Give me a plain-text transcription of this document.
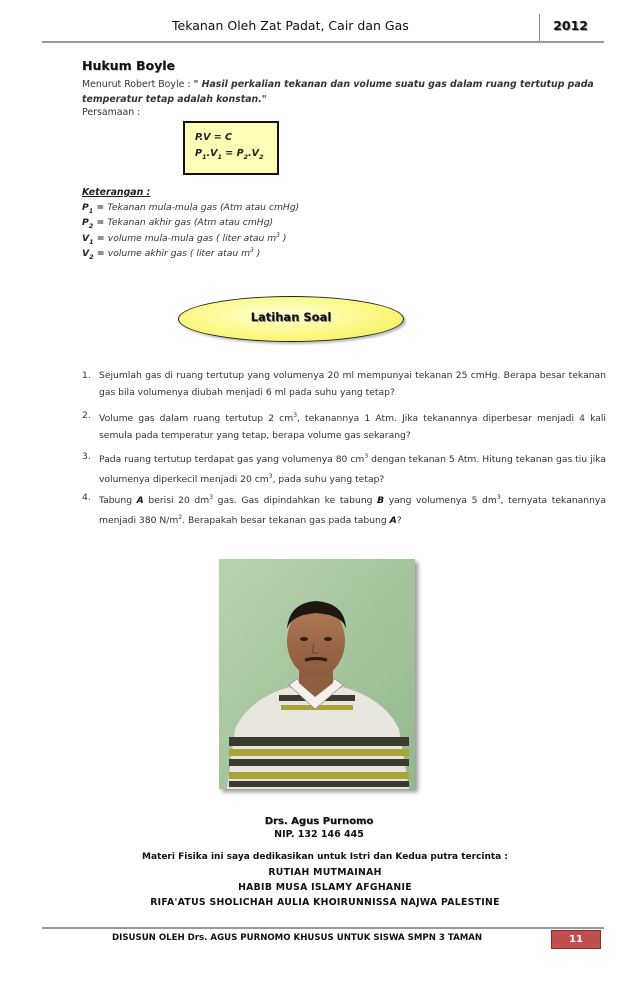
Tekanan Oleh Zat Padat, Cair dan Gas	2012
Hukum Boyle
Menurut Robert Boyle : " Hasil perkalian tekanan dan volume suatu gas dalam ruang tertutup pada
temperatur tetap adalah konstan."
Persamaan :
P.V = C
$P_1.V_1 = P_2.V_2$
Keterangan :
$P_1$ = Tekanan mula-mula gas (Atm atau cmHg)
$P_2$ = Tekanan akhir gas (Atm atau cmHg)
$V_1$ = volume mula-mula gas ( liter atau $m^3$ )
$V_2$ = volume akhir gas ( liter atau $m^3$ )
Latihan Soal
1. Sejumlah gas di ruang tertutup yang volumenya 20 ml mempunyai tekanan 25 cmHg. Berapa besar tekanan gas bila volumenya diubah menjadi 6 ml pada suhu yang tetap?
2. Volume gas dalam ruang tertutup 2 $cm^3$, tekanannya 1 Atm. Jika tekanannya diperbesar menjadi 4 kali semula pada temperatur yang tetap, berapa volume gas sekarang?
3. Pada ruang tertutup terdapat gas yang volumenya 80 $cm^3$ dengan tekanan 5 Atm. Hitung tekanan gas tiu jika volumenya diperkecil menjadi 20 $cm^3$, pada suhu yang tetap?
4. Tabung A berisi 20 $dm^3$ gas. Gas dipindahkan ke tabung B yang volumenya 5 $dm^3$, ternyata tekanannya menjadi 380 $N/m^2$. Berapakah besar tekanan gas pada tabung A?
Drs. Agus Purnomo
NIP. 132 146 445
Materi Fisika ini saya dedikasikan untuk Istri dan Kedua putra tercinta :
RUTIAH MUTMAINAH
HABIB MUSA ISLAMY AFGHANIE
RIFA'ATUS SHOLICHAH AULIA KHOIRUNNISSA NAJWA PALESTINE
DISUSUN OLEH Drs. AGUS PURNOMO KHUSUS UNTUK SISWA SMPN 3 TAMAN	11
